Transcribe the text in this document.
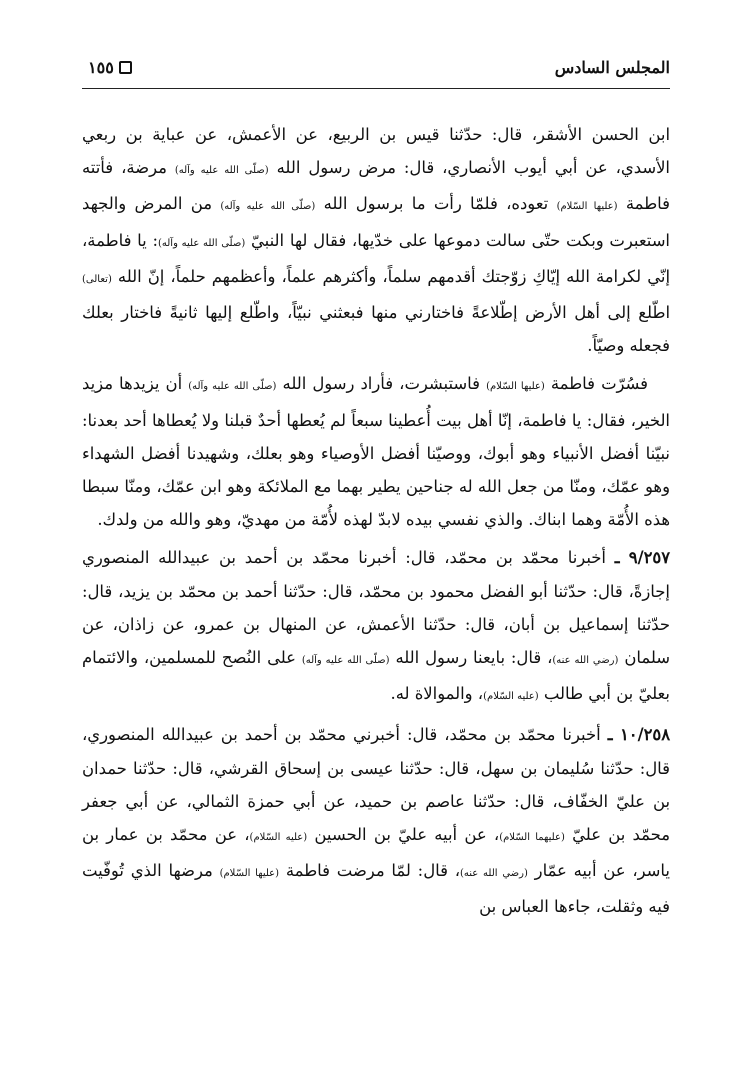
المجلس السادس
١٥٥

ابن الحسن الأشقر، قال: حدّثنا قيس بن الربيع، عن الأعمش، عن عباية بن ربعي الأسدي، عن أبي أيوب الأنصاري، قال: مرض رسول الله (صلّى الله عليه وآله) مرضة، فأتته فاطمة (عليها السّلام) تعوده، فلمّا رأت ما برسول الله (صلّى الله عليه وآله) من المرض والجهد استعبرت وبكت حتّى سالت دموعها على خدّيها، فقال لها النبيّ (صلّى الله عليه وآله): يا فاطمة، إنّي لكرامة الله إيّاكِ زوّجتك أقدمهم سلماً، وأكثرهم علماً، وأعظمهم حلماً، إنّ الله (تعالى) اطّلع إلى أهل الأرض إطّلاعةً فاختارني منها فبعثني نبيّاً، واطّلع إليها ثانيةً فاختار بعلك فجعله وصيّاً.

فسُرّت فاطمة (عليها السّلام) فاستبشرت، فأراد رسول الله (صلّى الله عليه وآله) أن يزيدها مزيد الخير، فقال: يا فاطمة، إنّا أهل بيت أُعطينا سبعاً لم يُعطها أحدٌ قبلنا ولا يُعطاها أحد بعدنا: نبيّنا أفضل الأنبياء وهو أبوك، ووصيّنا أفضل الأوصياء وهو بعلك، وشهيدنا أفضل الشهداء وهو عمّك، ومنّا من جعل الله له جناحين يطير بهما مع الملائكة وهو ابن عمّك، ومنّا سبطا هذه الأُمّة وهما ابناك. والذي نفسي بيده لابدّ لهذه لأُمّة من مهديّ، وهو والله من ولدك.

٩/٢٥٧ ـ أخبرنا محمّد بن محمّد، قال: أخبرنا محمّد بن أحمد بن عبيدالله المنصوري إجازةً، قال: حدّثنا أبو الفضل محمود بن محمّد، قال: حدّثنا أحمد بن محمّد بن يزيد، قال: حدّثنا إسماعيل بن أبان، قال: حدّثنا الأعمش، عن المنهال بن عمرو، عن زاذان، عن سلمان (رضي الله عنه)، قال: بايعنا رسول الله (صلّى الله عليه وآله) على النُصح للمسلمين، والائتمام بعليّ بن أبي طالب (عليه السّلام)، والموالاة له.

١٠/٢٥٨ ـ أخبرنا محمّد بن محمّد، قال: أخبرني محمّد بن أحمد بن عبيدالله المنصوري، قال: حدّثنا سُليمان بن سهل، قال: حدّثنا عيسى بن إسحاق القرشي، قال: حدّثنا حمدان بن عليّ الخفّاف، قال: حدّثنا عاصم بن حميد، عن أبي حمزة الثمالي، عن أبي جعفر محمّد بن عليّ (عليهما السّلام)، عن أبيه عليّ بن الحسين (عليه السّلام)، عن محمّد بن عمار بن ياسر، عن أبيه عمّار (رضي الله عنه)، قال: لمّا مرضت فاطمة (عليها السّلام) مرضها الذي تُوفّيت فيه وثقلت، جاءها العباس بن
